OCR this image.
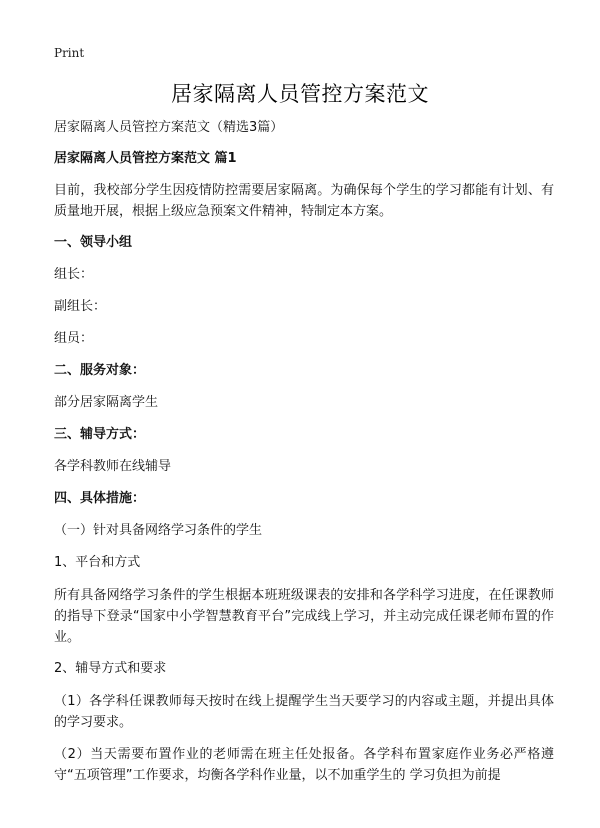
Print
居家隔离人员管控方案范文
居家隔离人员管控方案范文（精选3篇）
居家隔离人员管控方案范文 篇1
目前，我校部分学生因疫情防控需要居家隔离。为确保每个学生的学习都能有计划、有质量地开展，根据上级应急预案文件精神，特制定本方案。
一、领导小组
组长：
副组长：
组员：
二、服务对象：
部分居家隔离学生
三、辅导方式：
各学科教师在线辅导
四、具体措施：
（一）针对具备网络学习条件的学生
1、平台和方式
所有具备网络学习条件的学生根据本班班级课表的安排和各学科学习进度，在任课教师的指导下登录“国家中小学智慧教育平台”完成线上学习，并主动完成任课老师布置的作业。
2、辅导方式和要求
（1）各学科任课教师每天按时在线上提醒学生当天要学习的内容或主题，并提出具体的学习要求。
（2）当天需要布置作业的老师需在班主任处报备。各学科布置家庭作业务必严格遵守“五项管理”工作要求，均衡各学科作业量，以不加重学生的 学习负担为前提
